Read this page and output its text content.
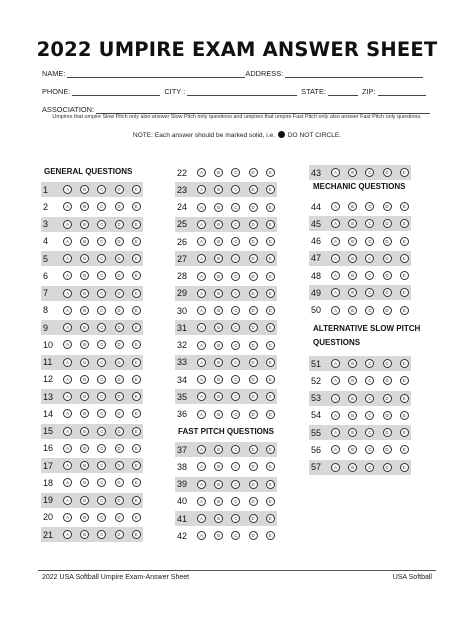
2022 UMPIRE EXAM ANSWER SHEET
NAME:	ADDRESS:
PHONE:	CITY :	STATE:	ZIP:
ASSOCIATION:
Umpires that umpire Slow Pitch only also answer Slow Pitch only questions and umpires that umpire Fast Pitch only also answer Fast Pitch only questions.
NOTE: Each answer should be marked solid, i.e. DO NOT CIRCLE.
GENERAL QUESTIONS
FAST PITCH QUESTIONS
MECHANIC QUESTIONS
ALTERNATIVE SLOW PITCH
QUESTIONS
1	A	B	C	D	E
2	A	B	C	D	E
3	A	B	C	D	E
4	A	B	C	D	E
5	A	B	C	D	E
6	A	B	C	D	E
7	A	B	C	D	E
8	A	B	C	D	E
9	A	B	C	D	E
10	A	B	C	D	E
11	A	B	C	D	E
12	A	B	C	D	E
13	A	B	C	D	E
14	A	B	C	D	E
15	A	B	C	D	E
16	A	B	C	D	E
17	A	B	C	D	E
18	A	B	C	D	E
19	A	B	C	D	E
20	A	B	C	D	E
21	A	B	C	D	E
22	A	B	C	D	E
23	A	B	C	D	E
24	A	B	C	D	E
25	A	B	C	D	E
26	A	B	C	D	E
27	A	B	C	D	E
28	A	B	C	D	E
29	A	B	C	D	E
30	A	B	C	D	E
31	A	B	C	D	E
32	A	B	C	D	E
33	A	B	C	D	E
34	A	B	C	D	E
35	A	B	C	D	E
36	A	B	C	D	E
37	A	B	C	D	E
38	A	B	C	D	E
39	A	B	C	D	E
40	A	B	C	D	E
41	A	B	C	D	E
42	A	B	C	D	E
43	A	B	C	D	E
44	A	B	C	D	E
45	A	B	C	D	E
46	A	B	C	D	E
47	A	B	C	D	E
48	A	B	C	D	E
49	A	B	C	D	E
50	A	B	C	D	E
51	A	B	C	D	E
52	A	B	C	D	E
53	A	B	C	D	E
54	A	B	C	D	E
55	A	B	C	D	E
56	A	B	C	D	E
57	A	B	C	D	E
2022 USA Softball Umpire Exam-Answer Sheet	USA Softball
